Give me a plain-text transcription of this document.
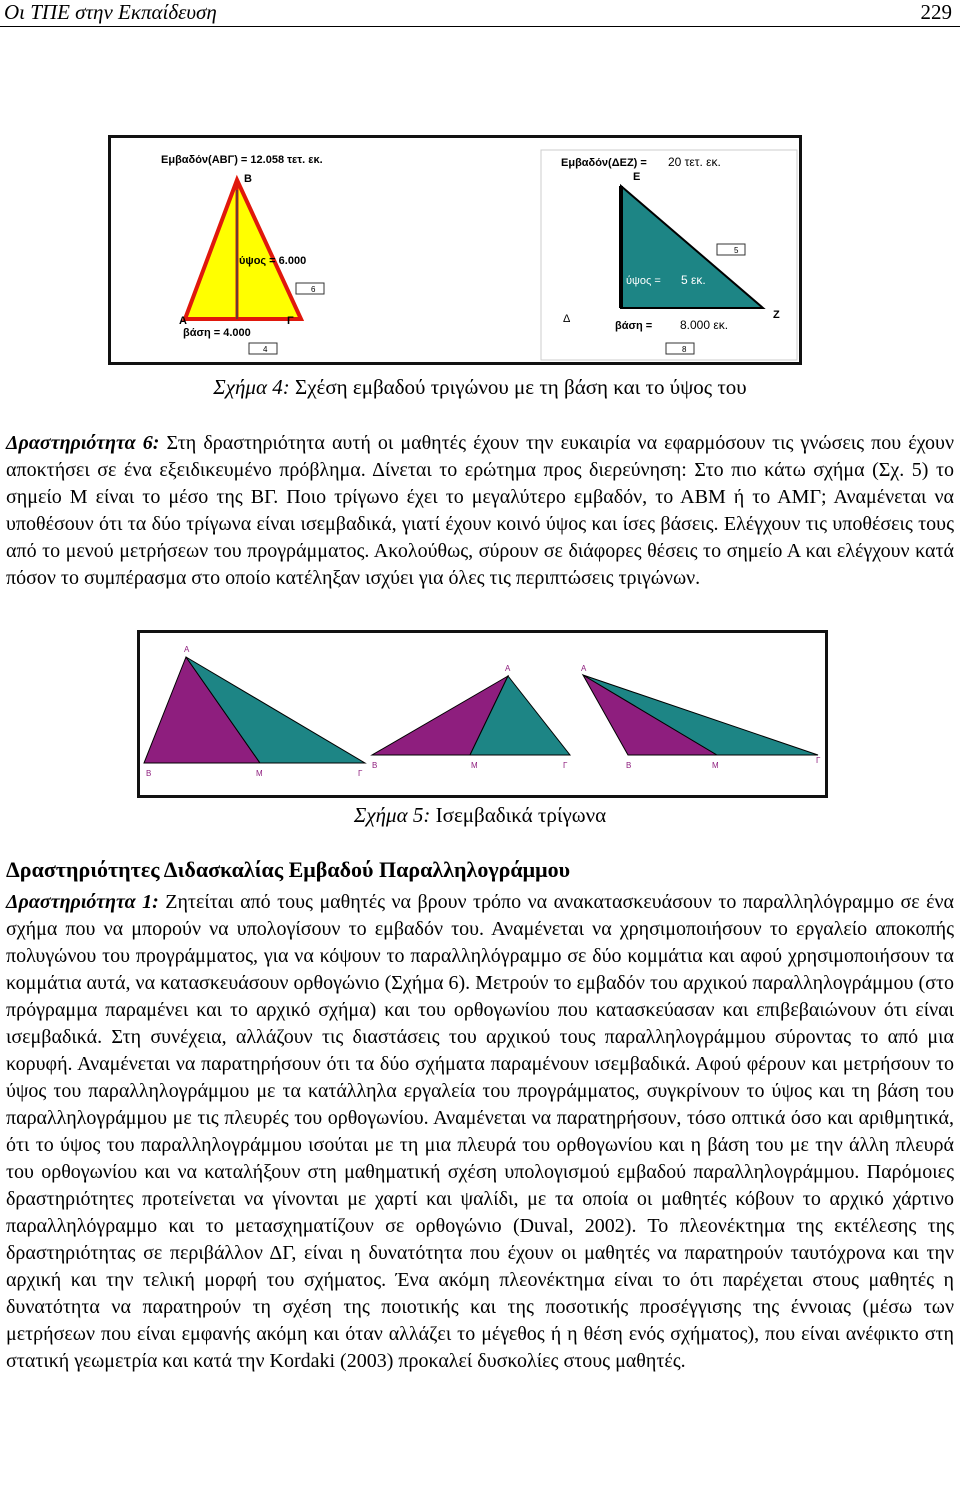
Οι ΤΠΕ στην Εκπαίδευση	229
Εμβαδόν(ΑΒΓ) = 12.058 τετ. εκ.
Β
ύψος = 6.000
6
Α	Γ
βάση = 4.000
4
Εμβαδόν(ΔΕΖ) = 20 τετ. εκ.
Ε
ύψος = 5 εκ.
5
Δ	Ζ
βάση = 8.000 εκ.
8
Σχήμα 4: Σχέση εμβαδού τριγώνου με τη βάση και το ύψος του
Δραστηριότητα 6: Στη δραστηριότητα αυτή οι μαθητές έχουν την ευκαιρία να εφαρμόσουν τις γνώσεις που έχουν αποκτήσει σε ένα εξειδικευμένο πρόβλημα. Δίνεται το ερώτημα προς διερεύνηση: Στο πιο κάτω σχήμα (Σχ. 5) το σημείο Μ είναι το μέσο της ΒΓ. Ποιο τρίγωνο έχει το μεγαλύτερο εμβαδόν, το ΑΒΜ ή το ΑΜΓ; Αναμένεται να υποθέσουν ότι τα δύο τρίγωνα είναι ισεμβαδικά, γιατί έχουν κοινό ύψος και ίσες βάσεις. Ελέγχουν τις υποθέσεις τους από το μενού μετρήσεων του προγράμματος. Ακολούθως, σύρουν σε διάφορες θέσεις το σημείο Α και ελέγχουν κατά πόσον το συμπέρασμα στο οποίο κατέληξαν ισχύει για όλες τις περιπτώσεις τριγώνων.
Α
Β	Μ	Γ
Α
Β	Μ	Γ
Α
Β	Μ
Γ
Σχήμα 5: Ισεμβαδικά τρίγωνα
Δραστηριότητες Διδασκαλίας Εμβαδού Παραλληλογράμμου
Δραστηριότητα 1: Ζητείται από τους μαθητές να βρουν τρόπο να ανακατασκευάσουν το παραλληλόγραμμο σε ένα σχήμα που να μπορούν να υπολογίσουν το εμβαδόν του. Αναμένεται να χρησιμοποιήσουν το εργαλείο αποκοπής πολυγώνου του προγράμματος, για να κόψουν το παραλληλόγραμμο σε δύο κομμάτια και αφού χρησιμοποιήσουν τα κομμάτια αυτά, να κατασκευάσουν ορθογώνιο (Σχήμα 6). Μετρούν το εμβαδόν του αρχικού παραλληλογράμμου (στο πρόγραμμα παραμένει και το αρχικό σχήμα) και του ορθογωνίου που κατασκεύασαν και επιβεβαιώνουν ότι είναι ισεμβαδικά. Στη συνέχεια, αλλάζουν τις διαστάσεις του αρχικού τους παραλληλογράμμου σύροντας το από μια κορυφή. Αναμένεται να παρατηρήσουν ότι τα δύο σχήματα παραμένουν ισεμβαδικά. Αφού φέρουν και μετρήσουν το ύψος του παραλληλογράμμου με τα κατάλληλα εργαλεία του προγράμματος, συγκρίνουν το ύψος και τη βάση του παραλληλογράμμου με τις πλευρές του ορθογωνίου. Αναμένεται να παρατηρήσουν, τόσο οπτικά όσο και αριθμητικά, ότι το ύψος του παραλληλογράμμου ισούται με τη μια πλευρά του ορθογωνίου και η βάση του με την άλλη πλευρά του ορθογωνίου και να καταλήξουν στη μαθηματική σχέση υπολογισμού εμβαδού παραλληλογράμμου. Παρόμοιες δραστηριότητες προτείνεται να γίνονται με χαρτί και ψαλίδι, με τα οποία οι μαθητές κόβουν το αρχικό χάρτινο παραλληλόγραμμο και το μετασχηματίζουν σε ορθογώνιο (Duval, 2002). Το πλεονέκτημα της εκτέλεσης της δραστηριότητας σε περιβάλλον ΔΓ, είναι η δυνατότητα που έχουν οι μαθητές να παρατηρούν ταυτόχρονα και την αρχική και την τελική μορφή του σχήματος. Ένα ακόμη πλεονέκτημα είναι το ότι παρέχεται στους μαθητές η δυνατότητα να παρατηρούν τη σχέση της ποιοτικής και της ποσοτικής προσέγγισης της έννοιας (μέσω των μετρήσεων που είναι εμφανής ακόμη και όταν αλλάζει το μέγεθος ή η θέση ενός σχήματος), που είναι ανέφικτο στη στατική γεωμετρία και κατά την Kordaki (2003) προκαλεί δυσκολίες στους μαθητές.
